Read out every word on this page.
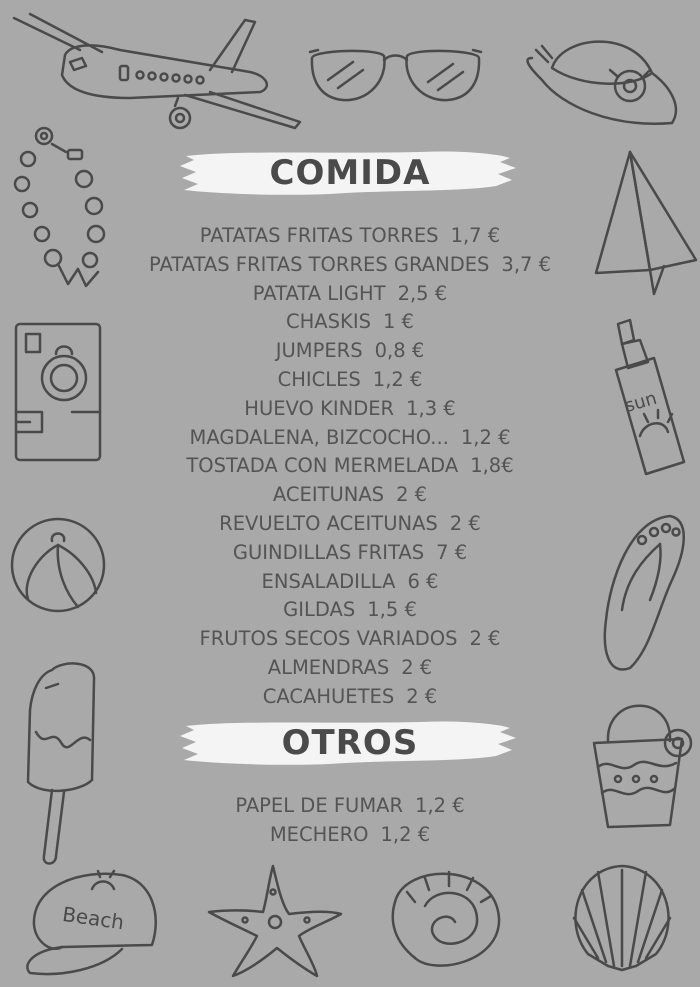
sun
Beach
COMIDA
PATATAS FRITAS TORRES 1,7 €
PATATAS FRITAS TORRES GRANDES 3,7 €
PATATA LIGHT 2,5 €
CHASKIS 1 €
JUMPERS 0,8 €
CHICLES 1,2 €
HUEVO KINDER 1,3 €
MAGDALENA, BIZCOCHO... 1,2 €
TOSTADA CON MERMELADA 1,8€
ACEITUNAS 2 €
REVUELTO ACEITUNAS 2 €
GUINDILLAS FRITAS 7 €
ENSALADILLA 6 €
GILDAS 1,5 €
FRUTOS SECOS VARIADOS 2 €
ALMENDRAS 2 €
CACAHUETES 2 €
OTROS
PAPEL DE FUMAR 1,2 €
MECHERO 1,2 €
